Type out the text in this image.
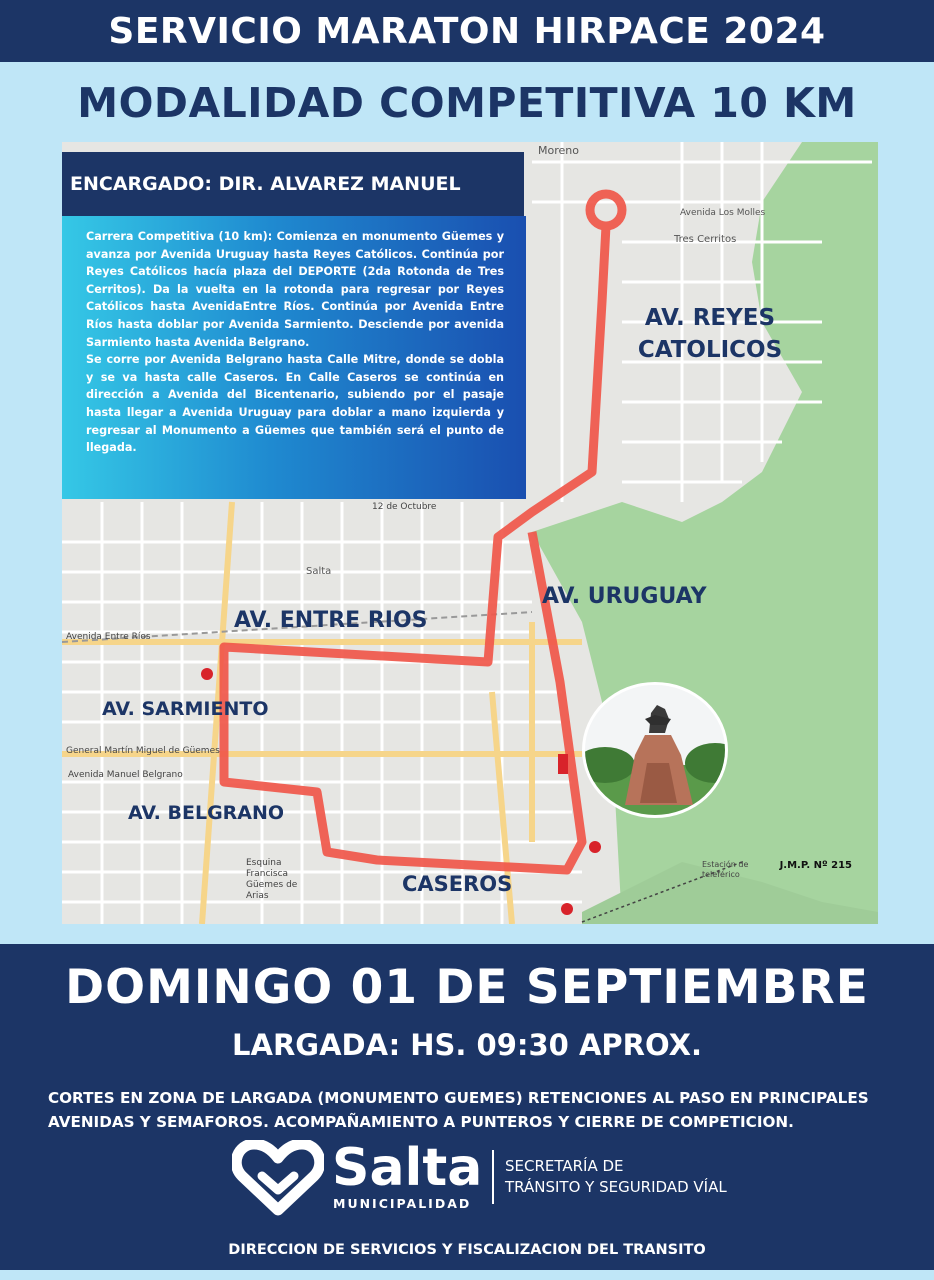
SERVICIO MARATON HIRPACE 2024
MODALIDAD COMPETITIVA 10 KM
Moreno
Salta
Tres Cerritos
Avenida Los Molles
General Martín Miguel de Güemes
Avenida Manuel Belgrano
Avenida Entre Ríos
12 de Octubre
Esquina Francisca Güemes de Arias
Estación de teleférico
AV. REYES CATOLICOS
AV. URUGUAY
AV. ENTRE RIOS
AV. SARMIENTO
AV. BELGRANO
CASEROS
J.M.P. Nº 215
ENCARGADO: DIR. ALVAREZ MANUEL

Carrera Competitiva (10 km): Comienza en monumento Güemes y avanza por Avenida Uruguay hasta Reyes Católicos. Continúa por Reyes Católicos hacía plaza del DEPORTE (2da Rotonda de Tres Cerritos). Da la vuelta en la rotonda para regresar por Reyes Católicos hasta AvenidaEntre Ríos. Continúa por Avenida Entre Ríos hasta doblar por Avenida Sarmiento. Desciende por avenida Sarmiento hasta Avenida Belgrano.

Se corre por Avenida Belgrano hasta Calle Mitre, donde se dobla y se va hasta calle Caseros. En Calle Caseros se continúa en dirección a Avenida del Bicentenario, subiendo por el pasaje hasta llegar a Avenida Uruguay para doblar a mano izquierda y regresar al Monumento a Güemes que también será el punto de llegada.

DOMINGO 01 DE SEPTIEMBRE
LARGADA: HS. 09:30 APROX.
CORTES EN ZONA DE LARGADA (MONUMENTO GUEMES) RETENCIONES AL PASO EN PRINCIPALES AVENIDAS Y SEMAFOROS. ACOMPAÑAMIENTO A PUNTEROS Y CIERRE DE COMPETICION.
Salta
MUNICIPALIDAD
SECRETARÍA DE
TRÁNSITO Y SEGURIDAD VÍAL
DIRECCION DE SERVICIOS Y FISCALIZACION DEL TRANSITO
